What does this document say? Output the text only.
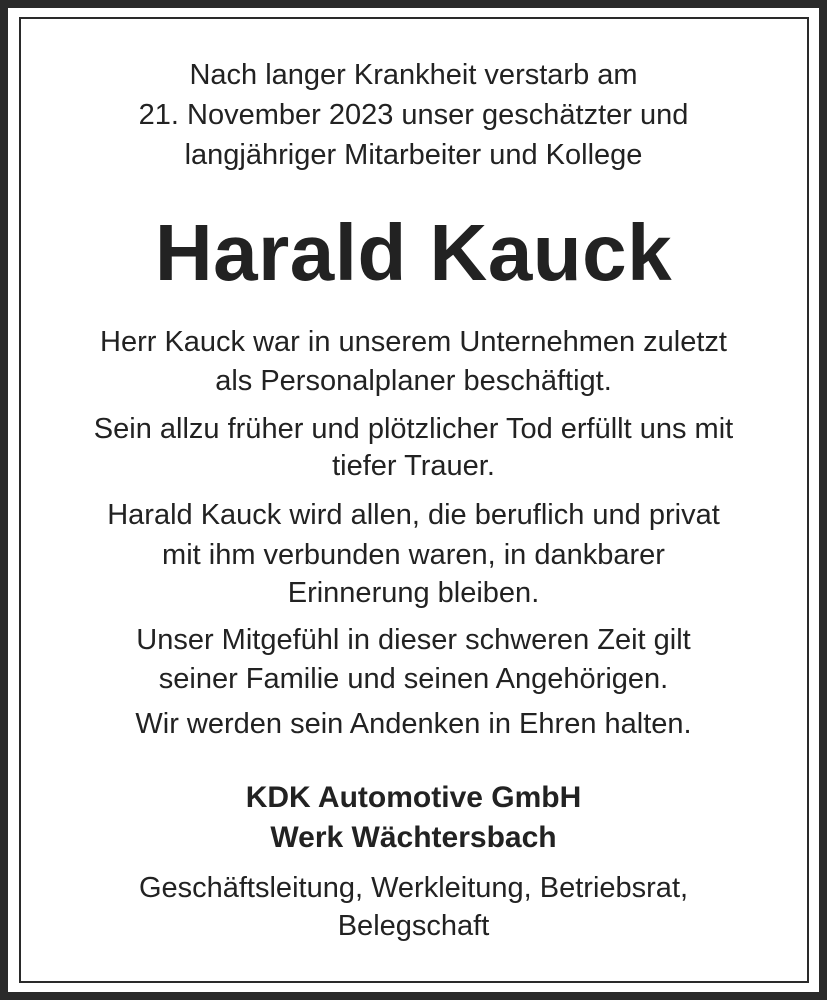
Nach langer Krankheit verstarb am
21. November 2023 unser geschätzter und
langjähriger Mitarbeiter und Kollege
Harald Kauck
Herr Kauck war in unserem Unternehmen zuletzt
als Personalplaner beschäftigt.
Sein allzu früher und plötzlicher Tod erfüllt uns mit
tiefer Trauer.
Harald Kauck wird allen, die beruflich und privat
mit ihm verbunden waren, in dankbarer
Erinnerung bleiben.
Unser Mitgefühl in dieser schweren Zeit gilt
seiner Familie und seinen Angehörigen.
Wir werden sein Andenken in Ehren halten.
KDK Automotive GmbH
Werk Wächtersbach
Geschäftsleitung, Werkleitung, Betriebsrat,
Belegschaft
